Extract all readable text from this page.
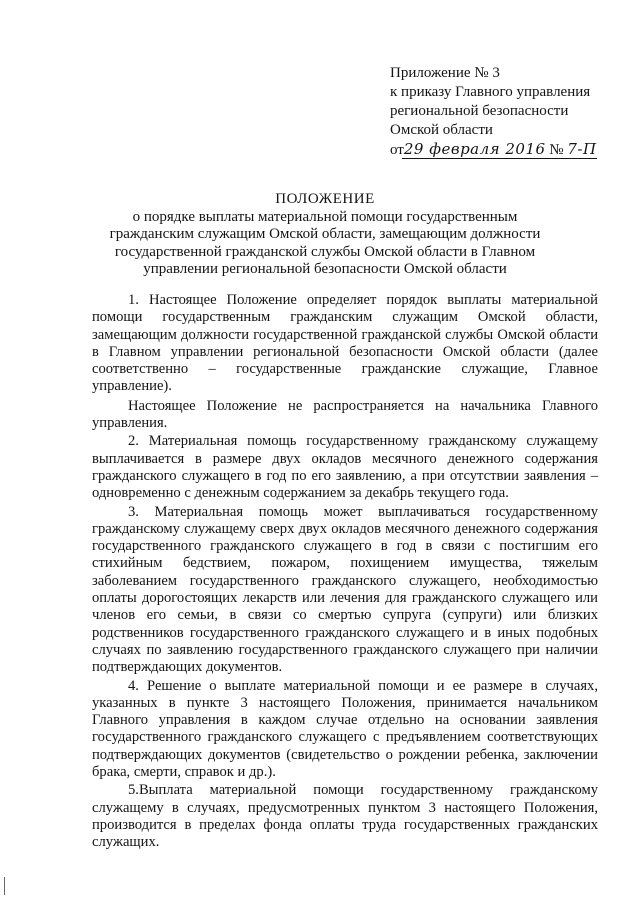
Приложение № 3
к приказу Главного управления
региональной безопасности
Омской области
от29 февраля 2016 № 7-П
ПОЛОЖЕНИЕ
о порядке выплаты материальной помощи государственным гражданским служащим Омской области, замещающим должности государственной гражданской службы Омской области в Главном управлении региональной безопасности Омской области

1. Настоящее Положение определяет порядок выплаты материальной помощи государственным гражданским служащим Омской области, замещающим должности государственной гражданской службы Омской области в Главном управлении региональной безопасности Омской области (далее соответственно – государственные гражданские служащие, Главное управление).

Настоящее Положение не распространяется на начальника Главного управления.

2. Материальная помощь государственному гражданскому служащему выплачивается в размере двух окладов месячного денежного содержания гражданского служащего в год по его заявлению, а при отсутствии заявления – одновременно с денежным содержанием за декабрь текущего года.

3. Материальная помощь может выплачиваться государственному гражданскому служащему сверх двух окладов месячного денежного содержания государственного гражданского служащего в год в связи с постигшим его стихийным бедствием, пожаром, похищением имущества, тяжелым заболеванием государственного гражданского служащего, необходимостью оплаты дорогостоящих лекарств или лечения для гражданского служащего или членов его семьи, в связи со смертью супруга (супруги) или близких родственников государственного гражданского служащего и в иных подобных случаях по заявлению государственного гражданского служащего при наличии подтверждающих документов.

4. Решение о выплате материальной помощи и ее размере в случаях, указанных в пункте 3 настоящего Положения, принимается начальником Главного управления в каждом случае отдельно на основании заявления государственного гражданского служащего с предъявлением соответствующих подтверждающих документов (свидетельство о рождении ребенка, заключении брака, смерти, справок и др.).

5.Выплата материальной помощи государственному гражданскому служащему в случаях, предусмотренных пунктом 3 настоящего Положения, производится в пределах фонда оплаты труда государственных гражданских служащих.
